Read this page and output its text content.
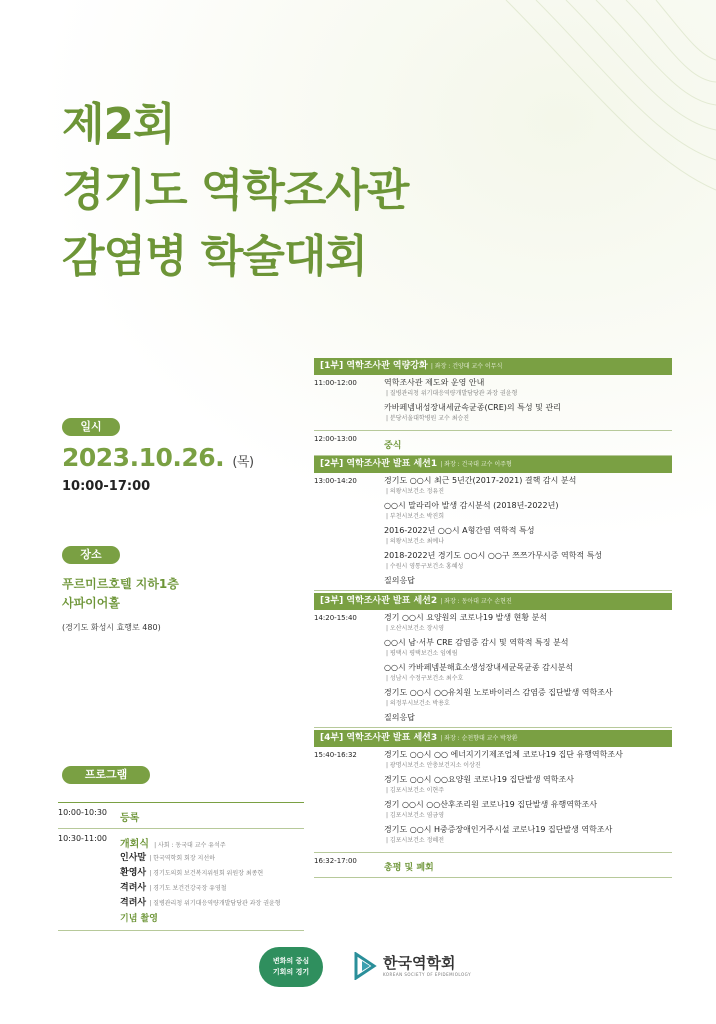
제2회
경기도 역학조사관
감염병 학술대회
일시
2023.10.26. (목)
10:00-17:00
장소
푸르미르호텔 지하1층
사파이어홀
(경기도 화성시 효행로 480)
프로그램
10:00-10:30
등록
10:30-11:00
개회식 | 사회 : 동국대 교수 유석주
인사말 | 한국역학회 회장 지선하
환영사 | 경기도의회 보건복지위원회 위원장 최종현
격려사 | 경기도 보건건강국장 유영철
격려사 | 질병관리청 위기대응역량개발담당관 과장 권윤형
기념 촬영
[1부] 역학조사관 역량강화 | 좌장 : 건양대 교수 이무식
11:00-12:00	역학조사관 제도와 운영 안내
| 질병관리청 위기대응역량개발담당관 과장 권윤형
카바페넴내성장내세균속균종(CRE)의 특성 및 관리
| 분당서울대학병원 교수 최승진
12:00-13:00
중식
[2부] 역학조사관 발표 세션1 | 좌장 : 건국대 교수 이주형
13:00-14:20	경기도 ○○시 최근 5년간(2017-2021) 결핵 감시 분석
| 의왕시보건소 정유진
○○시 말라리아 발생 감시분석 (2018년-2022년)
| 부천시보건소 박진희
2016-2022년 ○○시 A형간염 역학적 특성
| 의왕시보건소 최예나
2018-2022년 경기도 ○○시 ○○구 쯔쯔가무시증 역학적 특성
| 수원시 영통구보건소 홍혜성
질의응답
[3부] 역학조사관 발표 세션2 | 좌장 : 동아대 교수 손현진
14:20-15:40	경기 ○○시 요양원의 코로나19 발생 현황 분석
| 오산시보건소 장시영
○○시 남·서부 CRE 감염증 감시 및 역학적 특징 분석
| 평택시 평택보건소 임예림
○○시 카바페넴분해효소생성장내세균목균종 감시분석
| 성남시 수정구보건소 최수호
경기도 ○○시 ○○유치원 노로바이러스 감염증 집단발생 역학조사
| 의정부시보건소 박용호
질의응답
[4부] 역학조사관 발표 세션3 | 좌장 : 순천향대 교수 박창환
15:40-16:32	경기도 ○○시 ○○ 에너지기기제조업체 코로나19 집단 유행역학조사
| 광명시보건소 안충보건지소 이상진
경기도 ○○시 ○○요양원 코로나19 집단발생 역학조사
| 김포시보건소 이현주
경기 ○○시 ○○산후조리원 코로나19 집단발생 유행역학조사
| 김포시보건소 염금영
경기도 ○○시 H중증장애인거주시설 코로나19 집단발생 역학조사
| 김포시보건소 정혜전
16:32-17:00
총평 및 폐회
변화의 중심
기회의 경기	한국역학회
KOREAN SOCIETY OF EPIDEMIOLOGY
